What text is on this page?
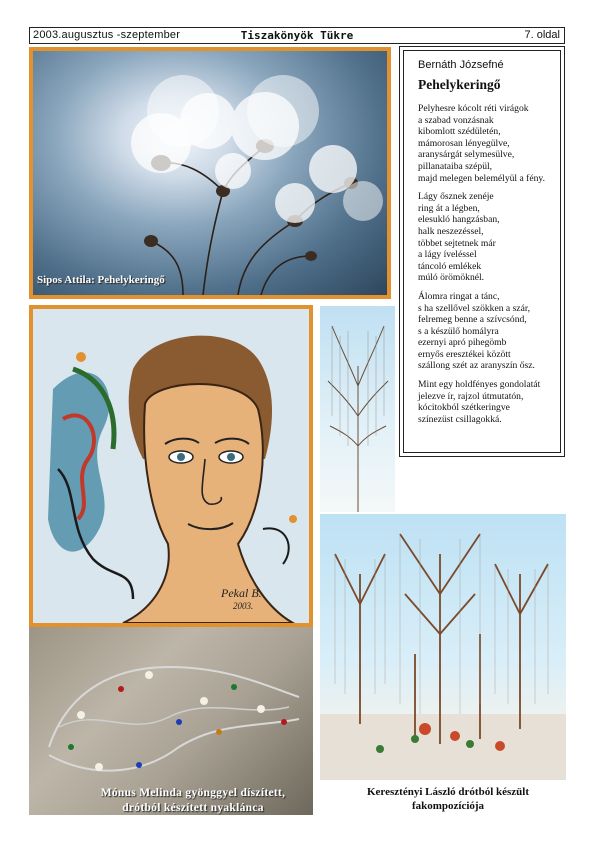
2003.augusztus -szeptember	Tiszakönyök Tükre	7. oldal
Sipos Attila: Pehelykeringő
Bernáth Józsefné
Pehelykeringő
Pelyhesre kócolt réti virágok
a szabad vonzásnak
kibomlott szédületén,
mámorosan lényegülve,
aranysárgát selymesülve,
pillanataiba szépül,
majd melegen belemélyül a fény.
Lágy ősznek zenéje
ring át a légben,
elesukló hangzásban,
halk neszezéssel,
többet sejtetnek már
a lágy íveléssel
táncoló emlékek
múló örömöknél.
Álomra ringat a tánc,
s ha szellővel szökken a szár,
felremeg benne a szívcsónd,
s a készülő homályra
ezernyi apró pihegömb
ernyős eresztékei között
szállong szét az aranyszín ősz.
Mint egy holdfényes gondolatát
jelezve ír, rajzol útmutatón,
kócitokból szétkeringve
színezüst csillagokká.
Pekal B.
2003.
Mónus Melinda gyönggyel díszített,
drótból készített nyaklánca
Keresztényi László drótból készült
fakompozíciója
